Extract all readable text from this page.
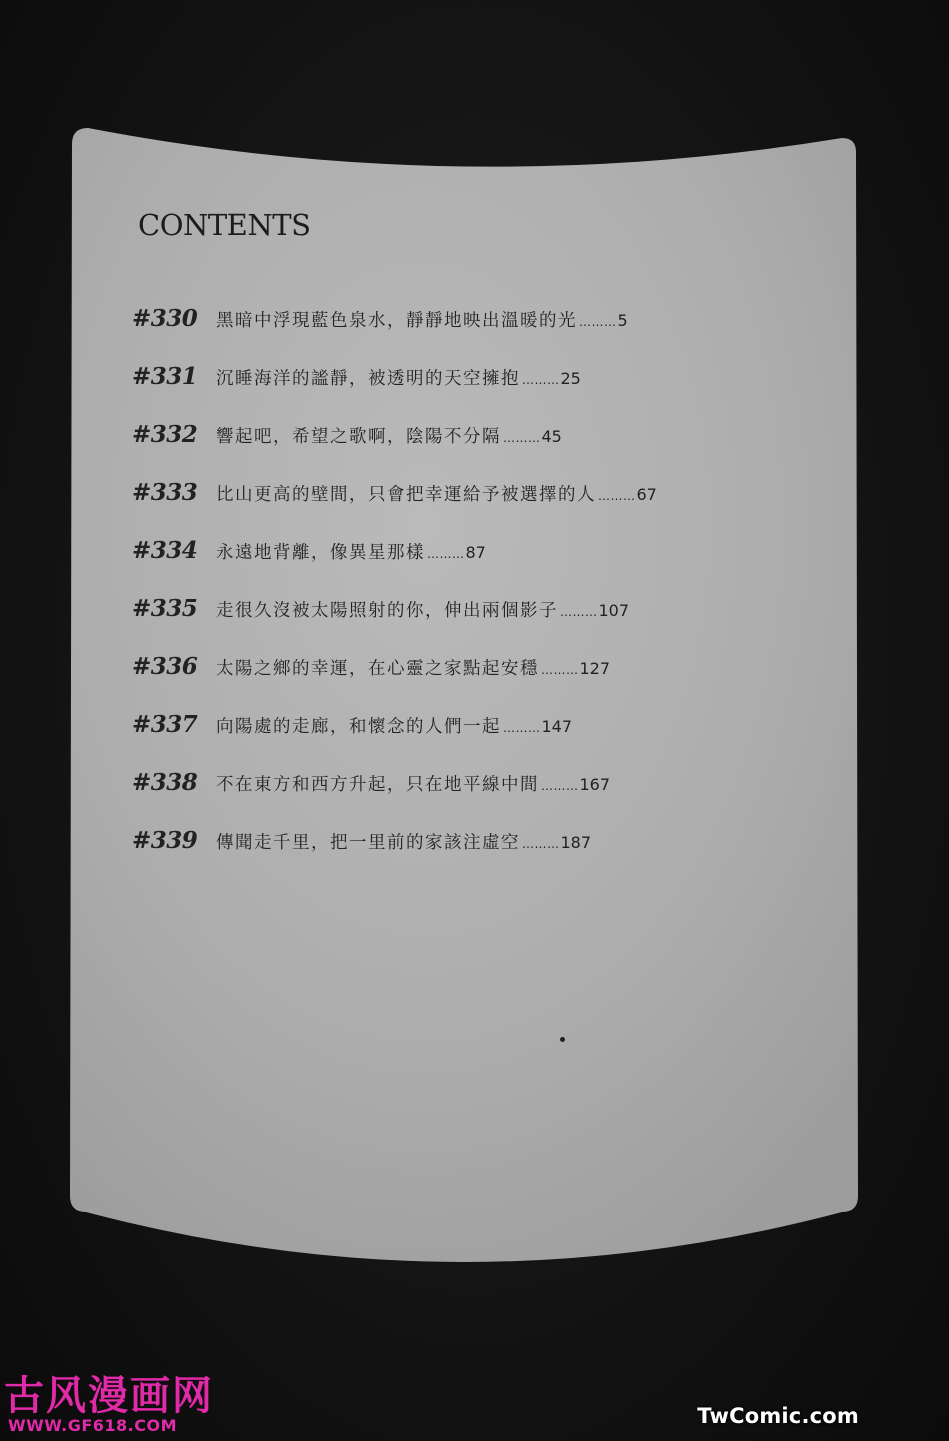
CONTENTS
#330	黑暗中浮現藍色泉水，靜靜地映出溫暖的光 ……… 5
#331	沉睡海洋的謐靜，被透明的天空擁抱 ……… 25
#332	響起吧，希望之歌啊，陰陽不分隔 ……… 45
#333	比山更高的壁間，只會把幸運給予被選擇的人 ……… 67
#334	永遠地背離，像異星那樣 ……… 87
#335	走很久沒被太陽照射的你，伸出兩個影子 ……… 107
#336	太陽之鄉的幸運，在心靈之家點起安穩 ……… 127
#337	向陽處的走廊，和懷念的人們一起 ……… 147
#338	不在東方和西方升起，只在地平線中間 ……… 167
#339	傳聞走千里，把一里前的家該注虛空 ……… 187
古风漫画网
WWW.GF618.COM	TwComic.com
